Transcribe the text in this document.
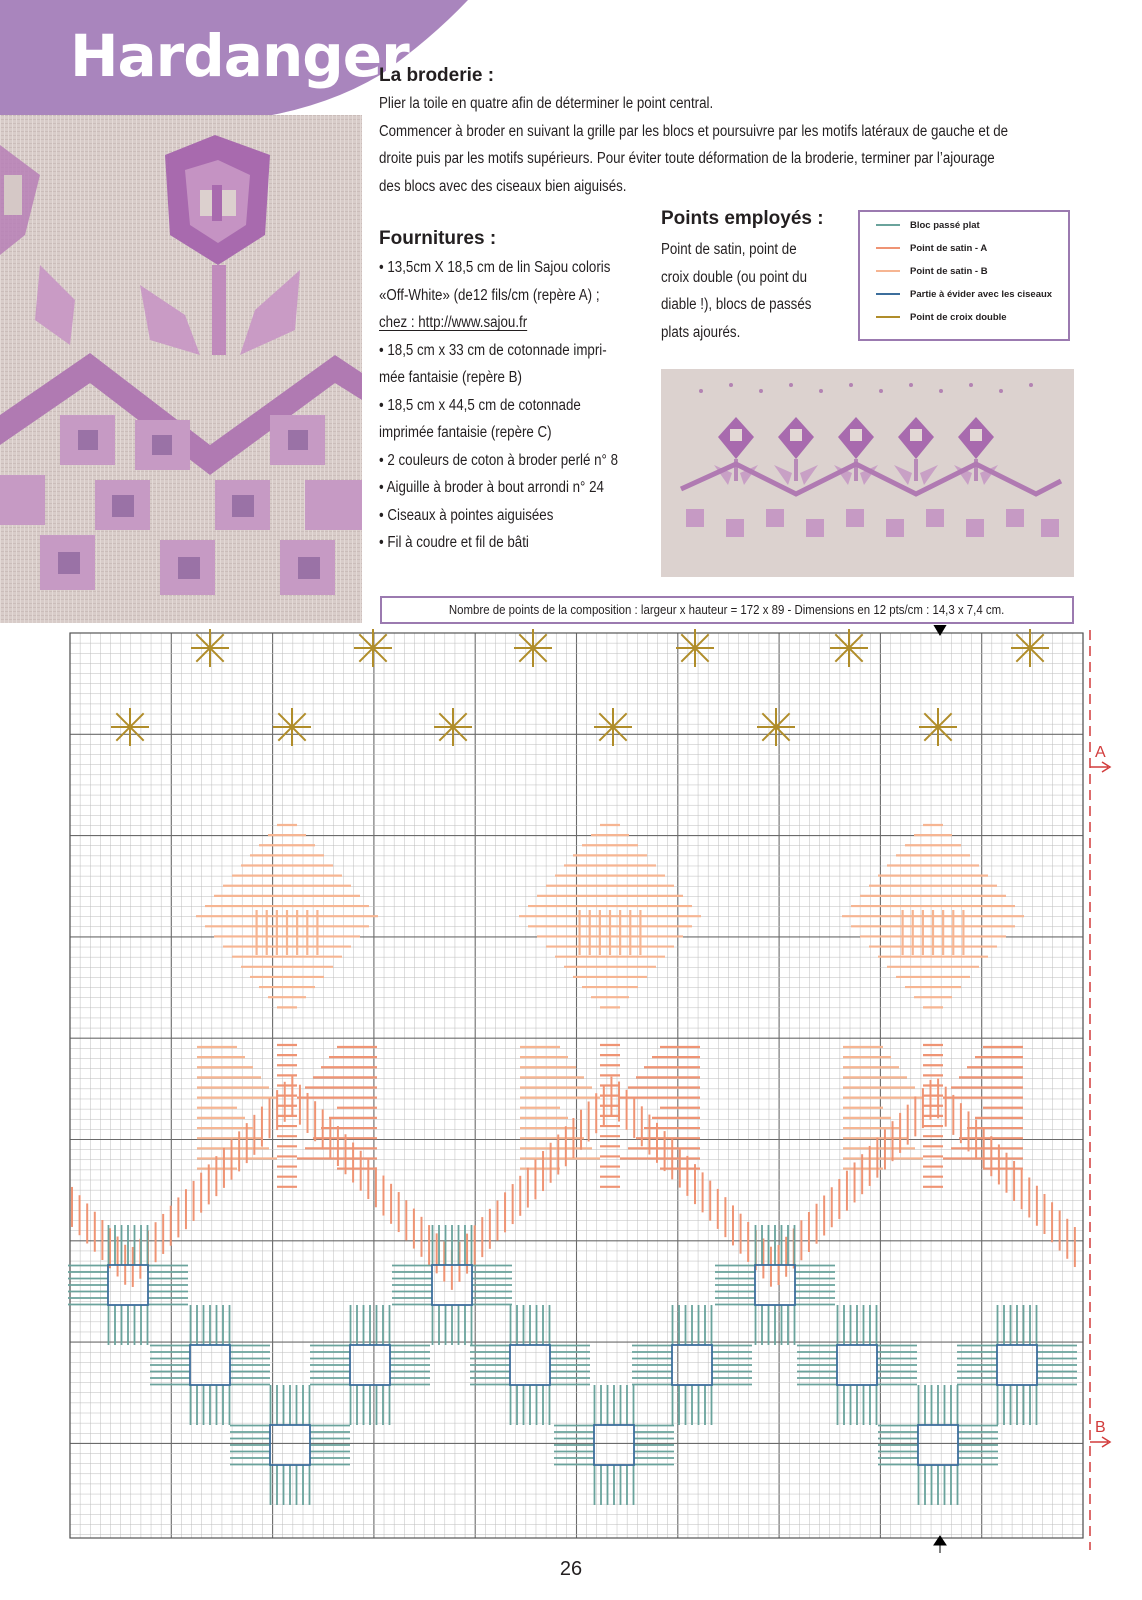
Hardanger
La broderie :
Plier la toile en quatre afin de déterminer le point central.
Commencer à broder en suivant la grille par les blocs et poursuivre par les motifs latéraux de gauche et de
droite puis par les motifs supérieurs. Pour éviter toute déformation de la broderie, terminer par l’ajourage
des blocs avec des ciseaux bien aiguisés.
Fournitures :
• 13,5cm X 18,5 cm de lin Sajou coloris
«Off-White» (de12 fils/cm (repère A) ;
chez : http://www.sajou.fr
• 18,5 cm x 33 cm de cotonnade impri-
mée fantaisie (repère B)
• 18,5 cm x 44,5 cm de cotonnade
imprimée fantaisie (repère C)
• 2 couleurs de coton à broder perlé n° 8
• Aiguille à broder à bout arrondi n° 24
• Ciseaux à pointes aiguisées
• Fil à coudre et fil de bâti
Points employés :
Point de satin, point de
croix double (ou point du
diable !), blocs de passés
plats ajourés.
Bloc passé plat
Point de satin - A
Point de satin - B
Partie à évider avec les ciseaux
Point de croix double
Nombre de points de la composition : largeur x hauteur = 172 x 89 - Dimensions en 12 pts/cm : 14,3 x 7,4 cm.
A
B
26
